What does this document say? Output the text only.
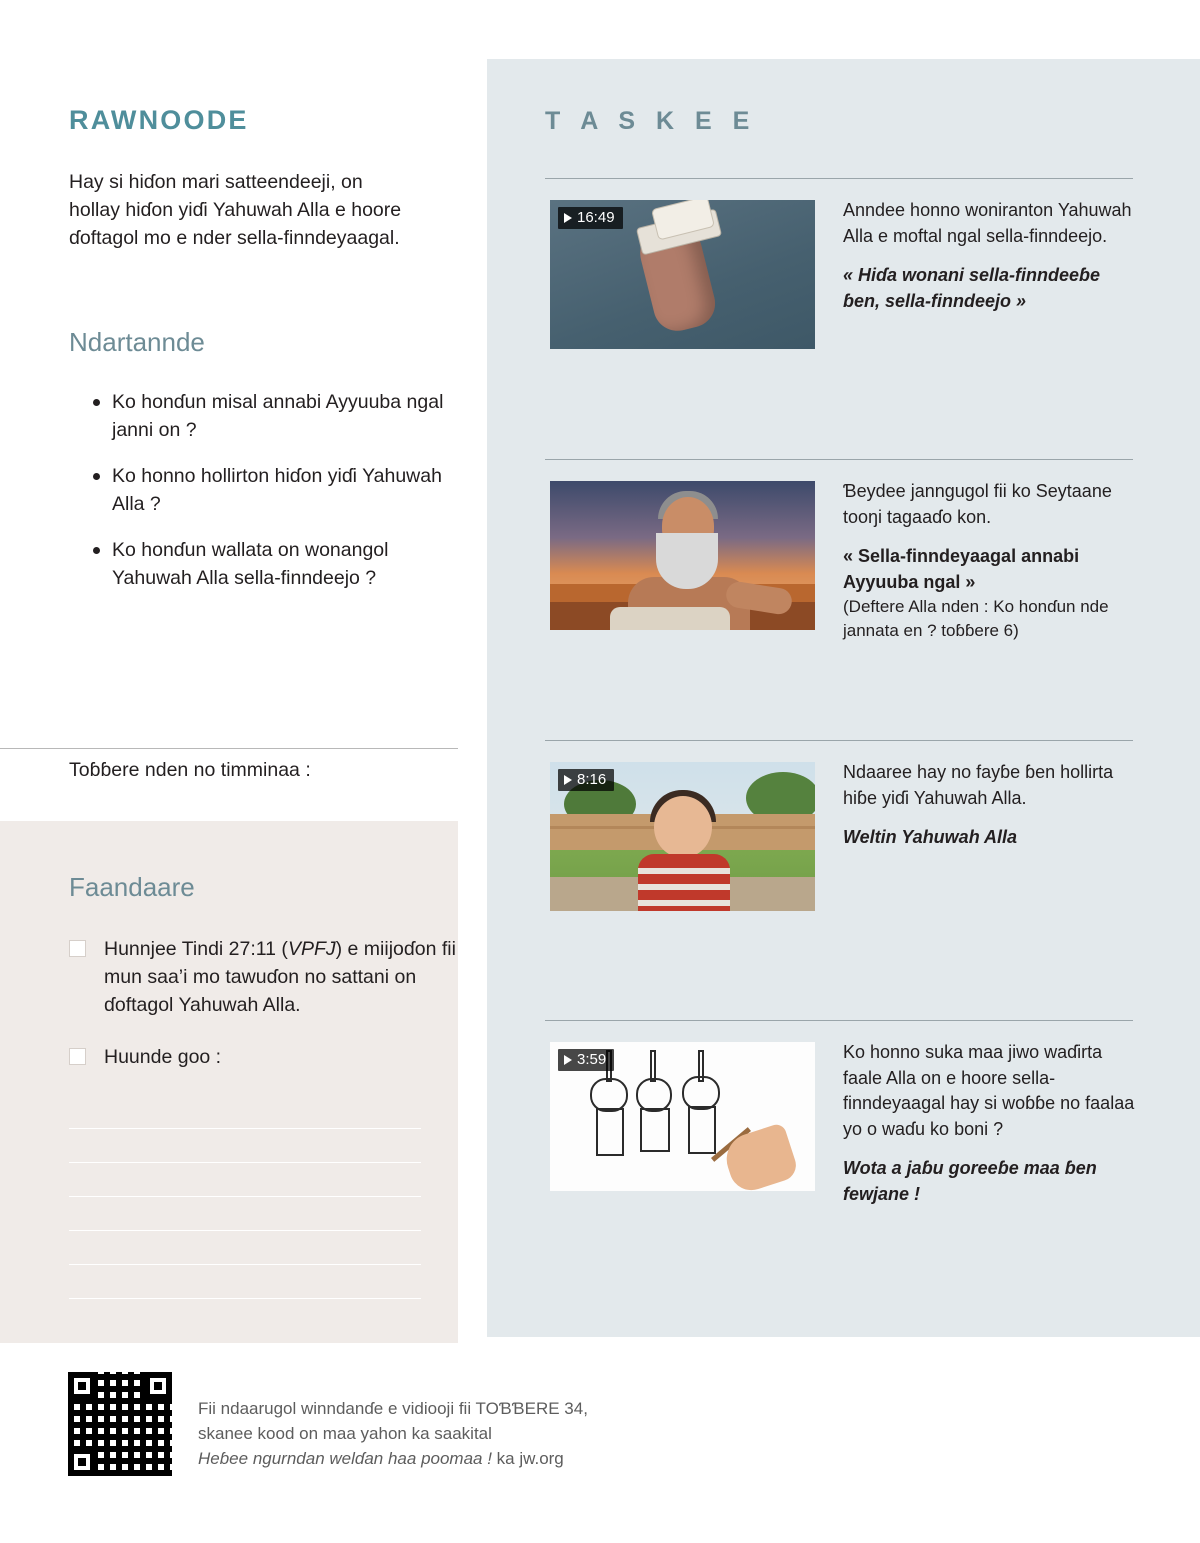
RAWNOODE
Hay si hiɗon mari satteendeeji, on hollay hiɗon yiɗi Yahuwah Alla e hoore ɗoftagol mo e nder sella-finndeyaagal.
Ndartannde
Ko honɗun misal annabi Ayyuuba ngal janni on ?
Ko honno hollirton hiɗon yiɗi Yahuwah Alla ?
Ko honɗun wallata on wonangol Yahuwah Alla sella-finndeejo ?
Toɓɓere nden no timminaa :
Faandaare
Hunnjee Tindi 27:11 (VPFJ) e miijoɗon fii mun saa’i mo tawuɗon no sattani on ɗoftagol Yahuwah Alla.
Huunde goo :
T A S K E E
16:49	Anndee honno woniranton Yahuwah Alla e moftal ngal sella-finndeejo.

« Hiɗa wonani sella-finndeeɓe ɓen, sella-finndeejo »

Ɓeydee janngugol fii ko Seytaane tooŋi tagaaɗo kon.

« Sella-finndeyaagal annabi Ayyuuba ngal »

(Deftere Alla nden : Ko honɗun nde jannata en ? toɓɓere 6)

8:16	Ndaaree hay no fayɓe ɓen hollirta hiɓe yiɗi Yahuwah Alla.

Weltin Yahuwah Alla

3:59	Ko honno suka maa jiwo waɗirta faale Alla on e hoore sella-finndeyaagal hay si woɓɓe no faalaa yo o waɗu ko boni ?

Wota a jaɓu goreeɓe maa ɓen fewjane !

Fii ndaarugol winndanɗe e vidiooji fii TOƁƁERE 34,
skanee kood on maa yahon ka saakital
Heɓee ngurndan welɗan haa poomaa ! ka jw.org
